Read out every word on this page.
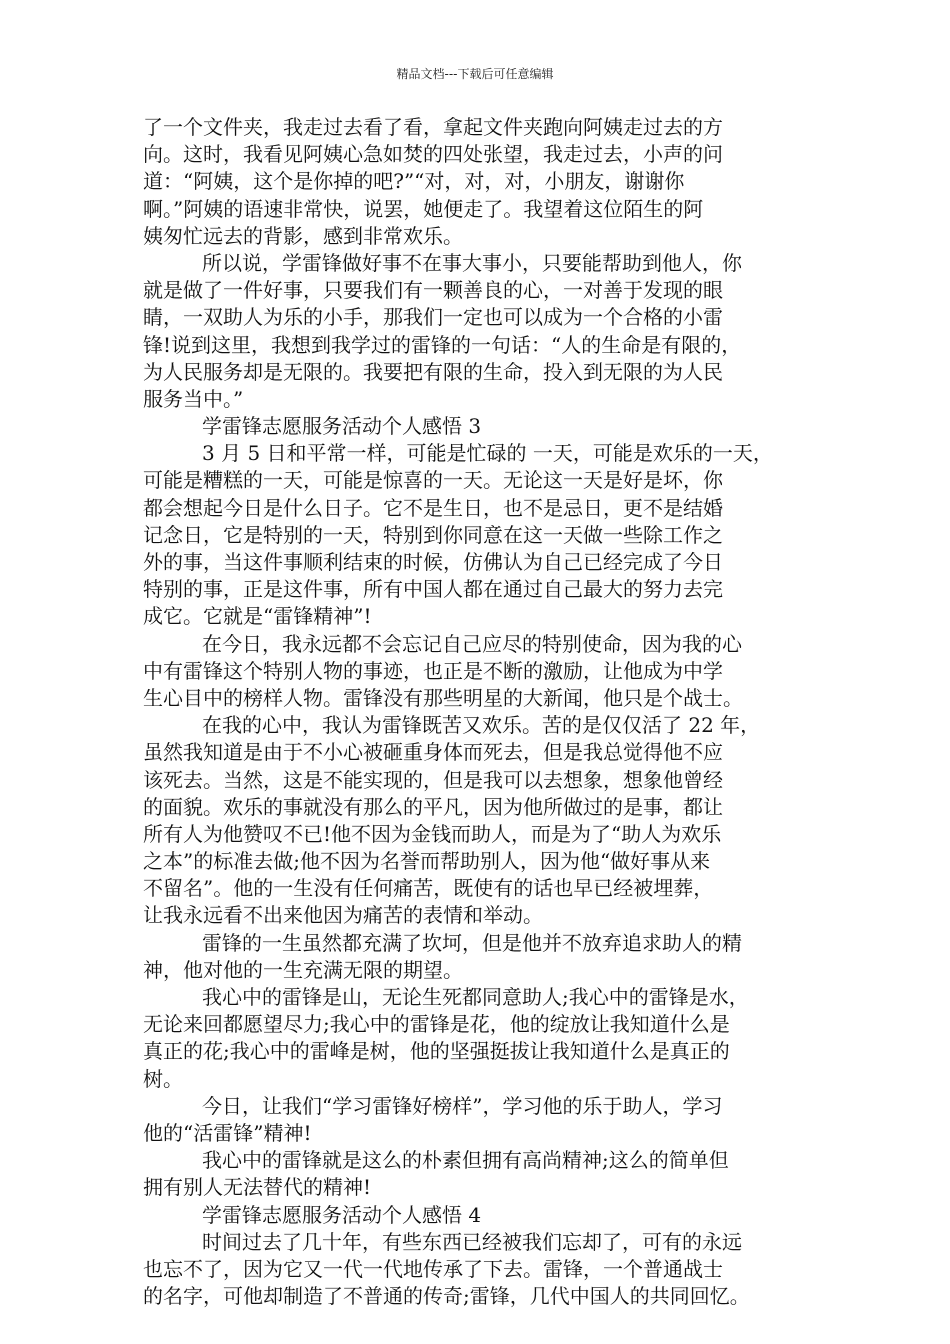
精品文档---下载后可任意编辑
了一个文件夹，我走过去看了看，拿起文件夹跑向阿姨走过去的方
向。这时，我看见阿姨心急如焚的四处张望，我走过去，小声的问
道：“阿姨，这个是你掉的吧?”“对，对，对，小朋友，谢谢你
啊。”阿姨的语速非常快，说罢，她便走了。我望着这位陌生的阿
姨匆忙远去的背影，感到非常欢乐。
所以说，学雷锋做好事不在事大事小，只要能帮助到他人，你
就是做了一件好事，只要我们有一颗善良的心，一对善于发现的眼
睛，一双助人为乐的小手，那我们一定也可以成为一个合格的小雷
锋!说到这里，我想到我学过的雷锋的一句话：“人的生命是有限的，
为人民服务却是无限的。我要把有限的生命，投入到无限的为人民
服务当中。”
学雷锋志愿服务活动个人感悟 3
3 月 5 日和平常一样，可能是忙碌的 一天，可能是欢乐的一天，
可能是糟糕的一天，可能是惊喜的一天。无论这一天是好是坏，你
都会想起今日是什么日子。它不是生日，也不是忌日，更不是结婚
记念日，它是特别的一天，特别到你同意在这一天做一些除工作之
外的事，当这件事顺利结束的时候，仿佛认为自己已经完成了今日
特别的事，正是这件事，所有中国人都在通过自己最大的努力去完
成它。它就是“雷锋精神”!
在今日，我永远都不会忘记自己应尽的特别使命，因为我的心
中有雷锋这个特别人物的事迹，也正是不断的激励，让他成为中学
生心目中的榜样人物。雷锋没有那些明星的大新闻，他只是个战士。
在我的心中，我认为雷锋既苦又欢乐。苦的是仅仅活了 22 年，
虽然我知道是由于不小心被砸重身体而死去，但是我总觉得他不应
该死去。当然，这是不能实现的，但是我可以去想象，想象他曾经
的面貌。欢乐的事就没有那么的平凡，因为他所做过的是事，都让
所有人为他赞叹不已!他不因为金钱而助人，而是为了“助人为欢乐
之本”的标准去做;他不因为名誉而帮助别人，因为他“做好事从来
不留名”。他的一生没有任何痛苦，既使有的话也早已经被埋葬，
让我永远看不出来他因为痛苦的表情和举动。
雷锋的一生虽然都充满了坎坷，但是他并不放弃追求助人的精
神，他对他的一生充满无限的期望。
我心中的雷锋是山，无论生死都同意助人;我心中的雷锋是水，
无论来回都愿望尽力;我心中的雷锋是花，他的绽放让我知道什么是
真正的花;我心中的雷峰是树，他的坚强挺拔让我知道什么是真正的
树。
今日，让我们“学习雷锋好榜样”，学习他的乐于助人，学习
他的“活雷锋”精神!
我心中的雷锋就是这么的朴素但拥有高尚精神;这么的简单但
拥有别人无法替代的精神!
学雷锋志愿服务活动个人感悟 4
时间过去了几十年，有些东西已经被我们忘却了，可有的永远
也忘不了，因为它又一代一代地传承了下去。雷锋，一个普通战士
的名字，可他却制造了不普通的传奇;雷锋，几代中国人的共同回忆。
